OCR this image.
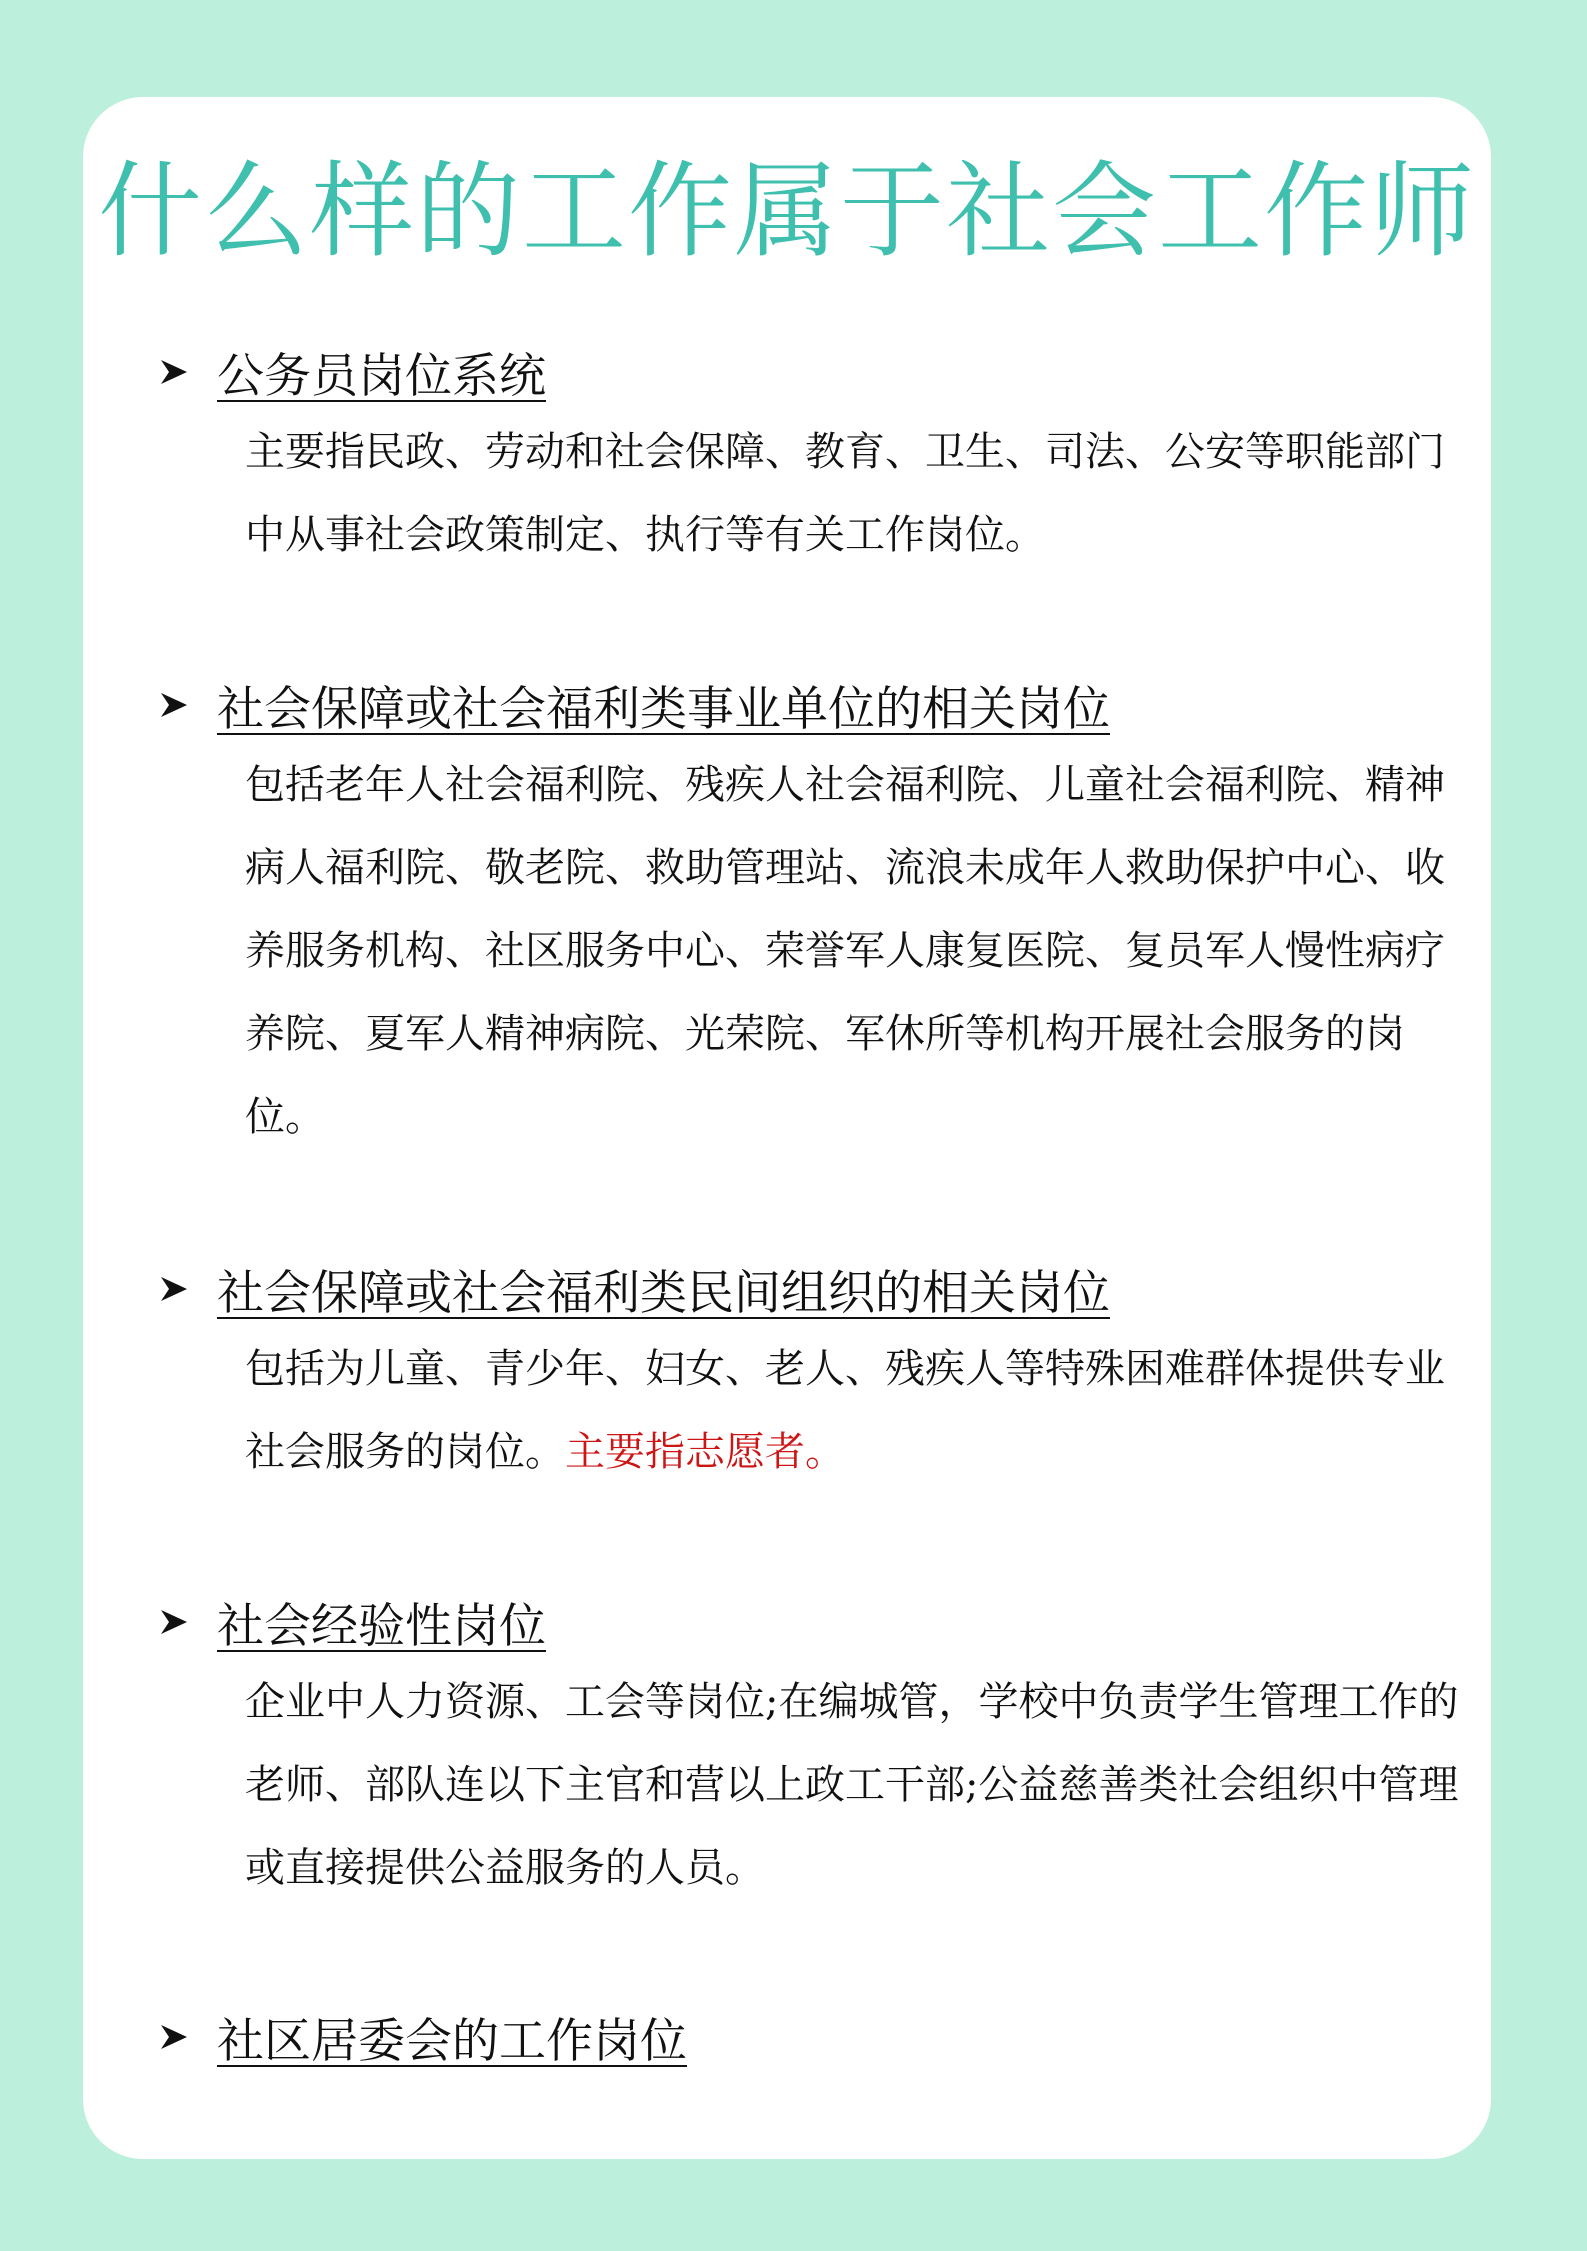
什么样的工作属于社会工作师
公务员岗位系统
主要指民政、劳动和社会保障、教育、卫生、司法、公安等职能部门中从事社会政策制定、执行等有关工作岗位。
社会保障或社会福利类事业单位的相关岗位
包括老年人社会福利院、残疾人社会福利院、儿童社会福利院、精神病人福利院、敬老院、救助管理站、流浪未成年人救助保护中心、收养服务机构、社区服务中心、荣誉军人康复医院、复员军人慢性病疗养院、夏军人精神病院、光荣院、军休所等机构开展社会服务的岗位。
社会保障或社会福利类民间组织的相关岗位
包括为儿童、青少年、妇女、老人、残疾人等特殊困难群体提供专业社会服务的岗位。主要指志愿者。
社会经验性岗位
企业中人力资源、工会等岗位;在编城管，学校中负责学生管理工作的老师、部队连以下主官和营以上政工干部;公益慈善类社会组织中管理或直接提供公益服务的人员。
社区居委会的工作岗位
